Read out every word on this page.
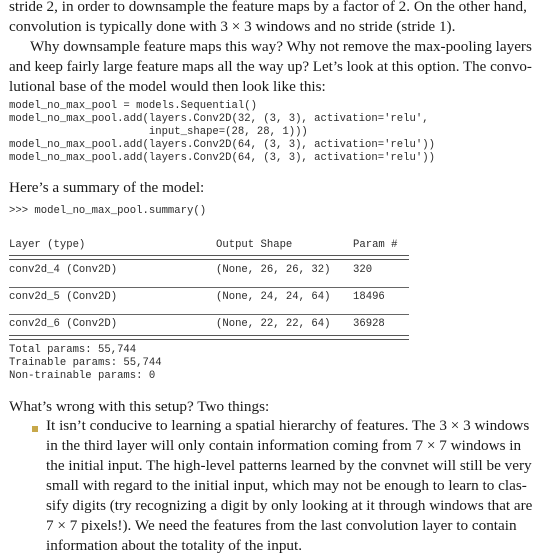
stride 2, in order to downsample the feature maps by a factor of 2. On the other hand,
convolution is typically done with 3 × 3 windows and no stride (stride 1).
Why downsample feature maps this way? Why not remove the max-pooling layers
and keep fairly large feature maps all the way up? Let’s look at this option. The convo-
lutional base of the model would then look like this:
model_no_max_pool = models.Sequential()
model_no_max_pool.add(layers.Conv2D(32, (3, 3), activation='relu',
input_shape=(28, 28, 1)))
model_no_max_pool.add(layers.Conv2D(64, (3, 3), activation='relu'))
model_no_max_pool.add(layers.Conv2D(64, (3, 3), activation='relu'))
Here’s a summary of the model:
>>> model_no_max_pool.summary()
Layer (type)	Output Shape	Param #
conv2d_4 (Conv2D)	(None, 26, 26, 32) 320
conv2d_5 (Conv2D)	(None, 24, 24, 64) 18496
conv2d_6 (Conv2D)	(None, 22, 22, 64) 36928
Total params: 55,744
Trainable params: 55,744
Non-trainable params: 0
What’s wrong with this setup? Two things:
It isn’t conducive to learning a spatial hierarchy of features. The 3 × 3 windows
in the third layer will only contain information coming from 7 × 7 windows in
the initial input. The high-level patterns learned by the convnet will still be very
small with regard to the initial input, which may not be enough to learn to clas-
sify digits (try recognizing a digit by only looking at it through windows that are
7 × 7 pixels!). We need the features from the last convolution layer to contain
information about the totality of the input.
